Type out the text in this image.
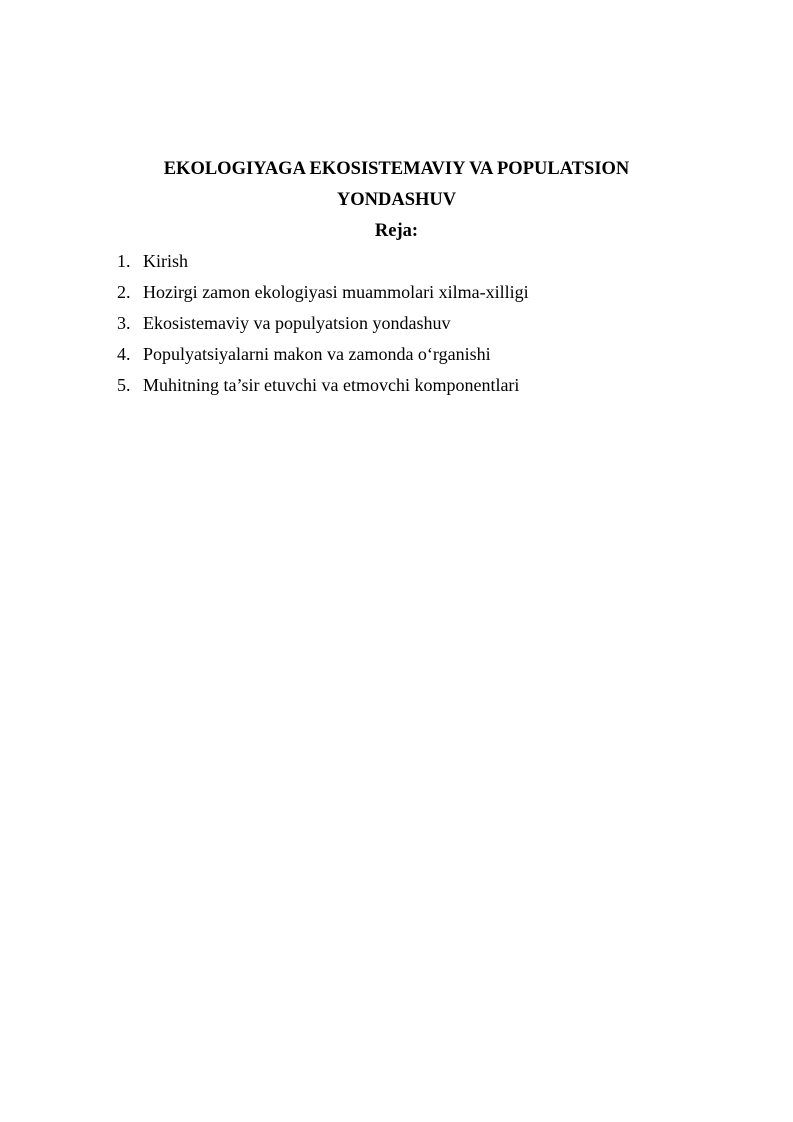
EKOLOGIYAGA EKOSISTEMAVIY VA POPULATSION
YONDASHUV
Reja:
1. Kirish
2. Hozirgi zamon ekologiyasi muammolari xilma-xilligi
3. Ekosistemaviy va populyatsion yondashuv
4. Populyatsiyalarni makon va zamonda o‘rganishi
5. Muhitning ta’sir etuvchi va etmovchi komponentlari
